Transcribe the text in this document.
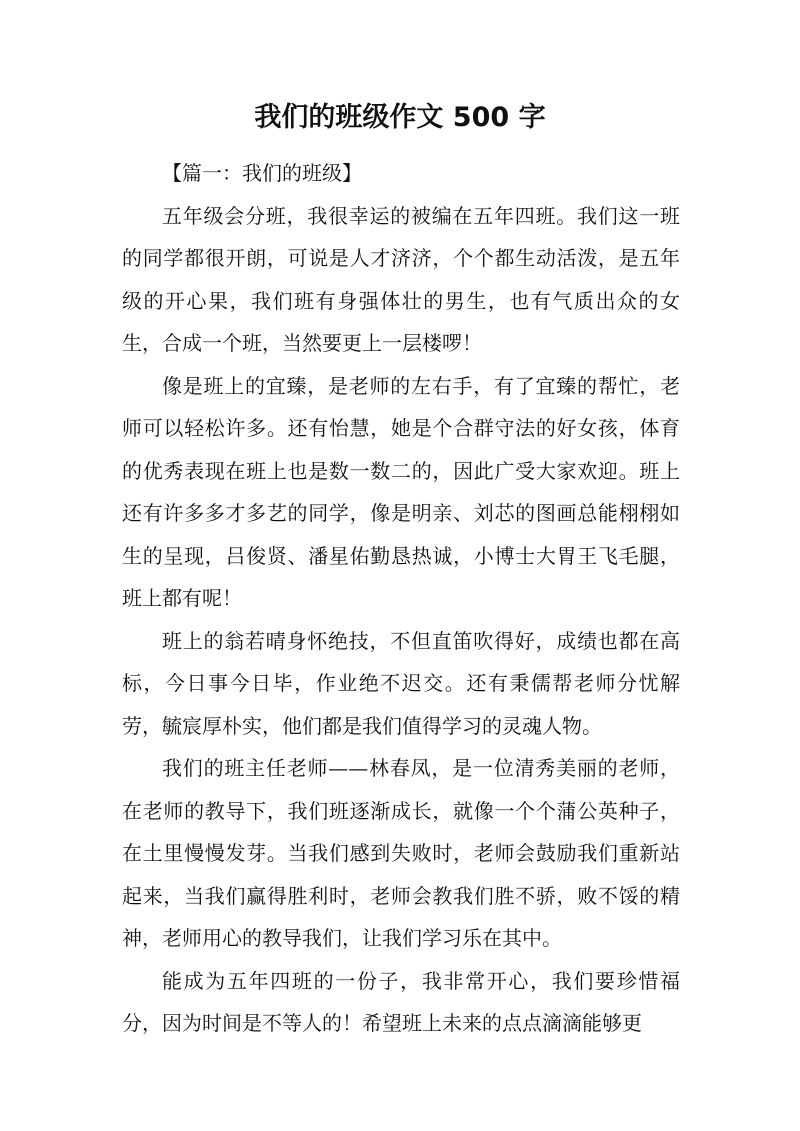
我们的班级作文 500 字

【篇一：我们的班级】

五年级会分班，我很幸运的被编在五年四班。我们这一班的同学都很开朗，可说是人才济济，个个都生动活泼，是五年级的开心果，我们班有身强体壮的男生，也有气质出众的女生，合成一个班，当然要更上一层楼啰！

像是班上的宜臻，是老师的左右手，有了宜臻的帮忙，老师可以轻松许多。还有怡慧，她是个合群守法的好女孩，体育的优秀表现在班上也是数一数二的，因此广受大家欢迎。班上还有许多多才多艺的同学，像是明亲、刘芯的图画总能栩栩如生的呈现，吕俊贤、潘星佑勤恳热诚，小博士大胃王飞毛腿，班上都有呢！

班上的翁若晴身怀绝技，不但直笛吹得好，成绩也都在高标，今日事今日毕，作业绝不迟交。还有秉儒帮老师分忧解劳，毓宸厚朴实，他们都是我们值得学习的灵魂人物。

我们的班主任老师——林春凤，是一位清秀美丽的老师，在老师的教导下，我们班逐渐成长，就像一个个蒲公英种子，在土里慢慢发芽。当我们感到失败时，老师会鼓励我们重新站起来，当我们赢得胜利时，老师会教我们胜不骄，败不馁的精神，老师用心的教导我们，让我们学习乐在其中。

能成为五年四班的一份子，我非常开心，我们要珍惜福分，因为时间是不等人的！希望班上未来的点点滴滴能够更
